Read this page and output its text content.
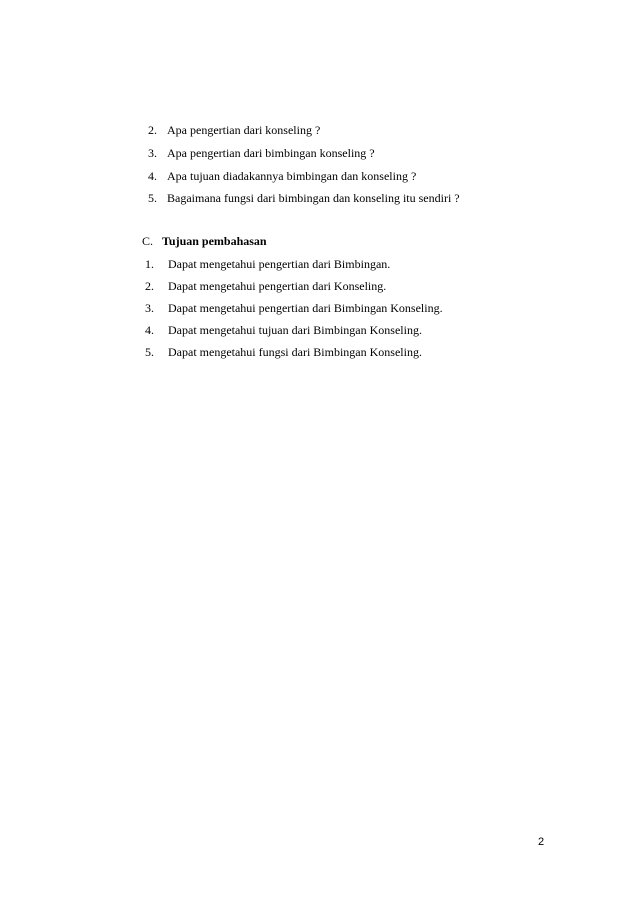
2. Apa pengertian dari konseling ?
3. Apa pengertian dari bimbingan konseling ?
4. Apa tujuan diadakannya bimbingan dan konseling ?
5. Bagaimana fungsi dari bimbingan dan konseling itu sendiri ?
C. Tujuan pembahasan
1. Dapat mengetahui pengertian dari Bimbingan.
2. Dapat mengetahui pengertian dari Konseling.
3. Dapat mengetahui pengertian dari Bimbingan Konseling.
4. Dapat mengetahui tujuan dari Bimbingan Konseling.
5. Dapat mengetahui fungsi dari Bimbingan Konseling.
2
